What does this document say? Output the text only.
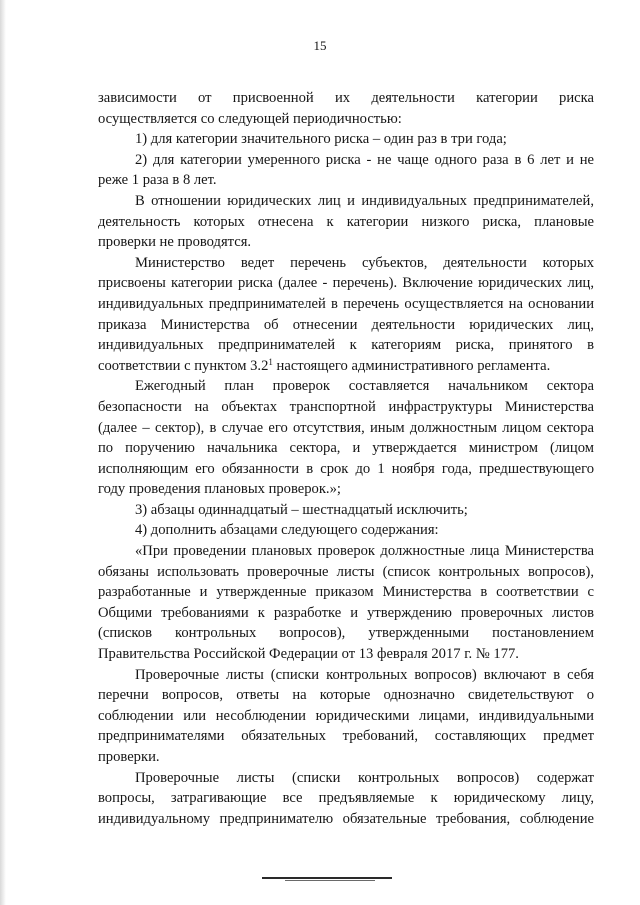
15
зависимости от присвоенной их деятельности категории риска
осуществляется со следующей периодичностью:
1) для категории значительного риска – один раз в три года;
2) для категории умеренного риска - не чаще одного раза в 6 лет и не
реже 1 раза в 8 лет.
В отношении юридических лиц и индивидуальных предпринимателей,
деятельность которых отнесена к категории низкого риска, плановые
проверки не проводятся.
Министерство ведет перечень субъектов, деятельности которых
присвоены категории риска (далее - перечень). Включение юридических лиц,
индивидуальных предпринимателей в перечень осуществляется на основании
приказа Министерства об отнесении деятельности юридических лиц,
индивидуальных предпринимателей к категориям риска, принятого в
соответствии с пунктом $3.2^1$ настоящего административного регламента.
Ежегодный план проверок составляется начальником сектора
безопасности на объектах транспортной инфраструктуры Министерства
(далее – сектор), в случае его отсутствия, иным должностным лицом сектора
по поручению начальника сектора, и утверждается министром (лицом
исполняющим его обязанности в срок до 1 ноября года, предшествующего
году проведения плановых проверок.»;
3) абзацы одиннадцатый – шестнадцатый исключить;
4) дополнить абзацами следующего содержания:
«При проведении плановых проверок должностные лица Министерства
обязаны использовать проверочные листы (список контрольных вопросов),
разработанные и утвержденные приказом Министерства в соответствии с
Общими требованиями к разработке и утверждению проверочных листов
(списков контрольных вопросов), утвержденными постановлением
Правительства Российской Федерации от 13 февраля 2017 г. № 177.
Проверочные листы (списки контрольных вопросов) включают в себя
перечни вопросов, ответы на которые однозначно свидетельствуют о
соблюдении или несоблюдении юридическими лицами, индивидуальными
предпринимателями обязательных требований, составляющих предмет
проверки.
Проверочные листы (списки контрольных вопросов) содержат
вопросы, затрагивающие все предъявляемые к юридическому лицу,
индивидуальному предпринимателю обязательные требования, соблюдение
